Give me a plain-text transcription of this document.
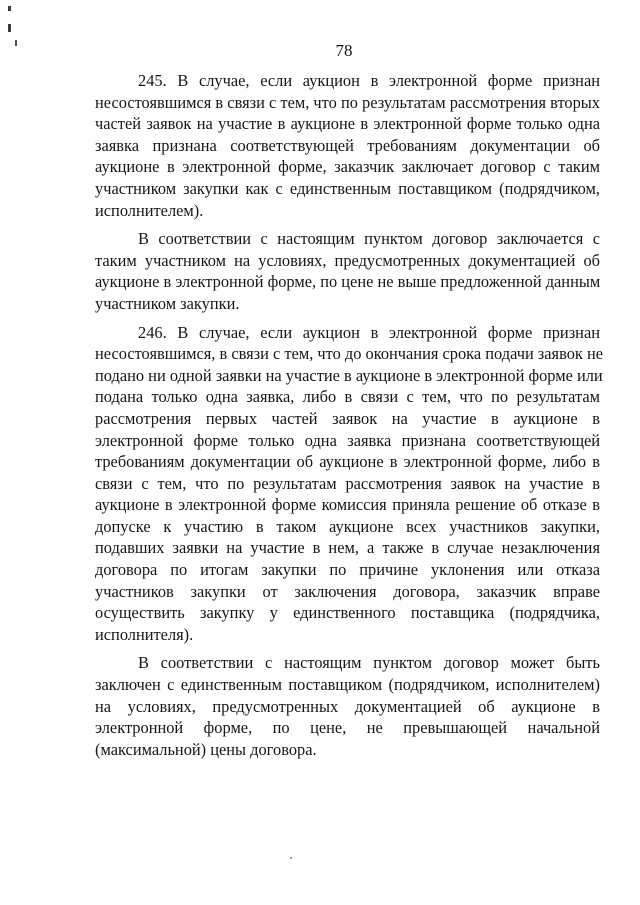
78

245. В случае, если аукцион в электронной форме признан
несостоявшимся в связи с тем, что по результатам рассмотрения вторых
частей заявок на участие в аукционе в электронной форме только одна
заявка признана соответствующей требованиям документации об
аукционе в электронной форме, заказчик заключает договор с таким
участником закупки как с единственным поставщиком (подрядчиком,
исполнителем).

В соответствии с настоящим пунктом договор заключается с
таким участником на условиях, предусмотренных документацией об
аукционе в электронной форме, по цене не выше предложенной данным
участником закупки.

246. В случае, если аукцион в электронной форме признан
несостоявшимся, в связи с тем, что до окончания срока подачи заявок не
подано ни одной заявки на участие в аукционе в электронной форме или
подана только одна заявка, либо в связи с тем, что по результатам
рассмотрения первых частей заявок на участие в аукционе в
электронной форме только одна заявка признана соответствующей
требованиям документации об аукционе в электронной форме, либо в
связи с тем, что по результатам рассмотрения заявок на участие в
аукционе в электронной форме комиссия приняла решение об отказе в
допуске к участию в таком аукционе всех участников закупки,
подавших заявки на участие в нем, а также в случае незаключения
договора по итогам закупки по причине уклонения или отказа
участников закупки от заключения договора, заказчик вправе
осуществить закупку у единственного поставщика (подрядчика,
исполнителя).

В соответствии с настоящим пунктом договор может быть
заключен с единственным поставщиком (подрядчиком, исполнителем)
на условиях, предусмотренных документацией об аукционе в
электронной форме, по цене, не превышающей начальной
(максимальной) цены договора.
